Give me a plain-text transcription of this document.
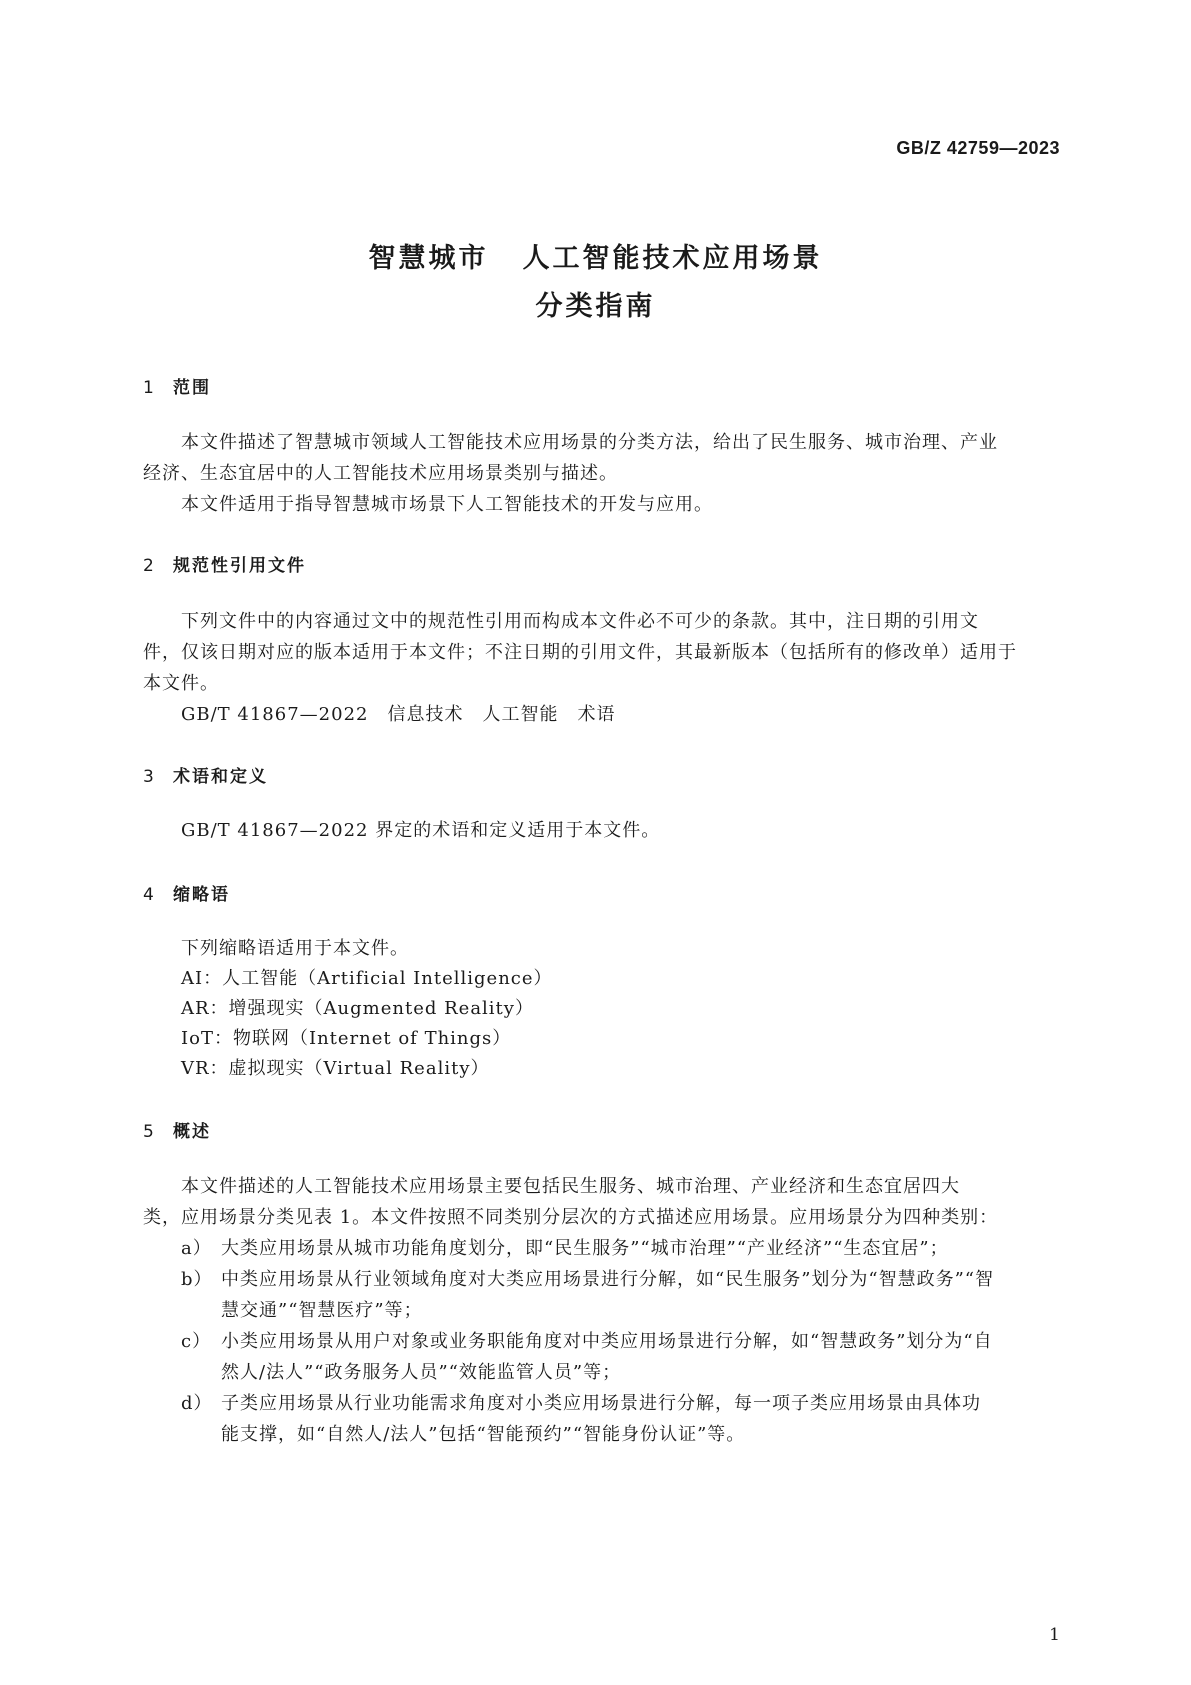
GB/Z 42759—2023
智慧城市 人工智能技术应用场景
分类指南
1 范围
本文件描述了智慧城市领域人工智能技术应用场景的分类方法，给出了民生服务、城市治理、产业
经济、生态宜居中的人工智能技术应用场景类别与描述。
本文件适用于指导智慧城市场景下人工智能技术的开发与应用。
2 规范性引用文件
下列文件中的内容通过文中的规范性引用而构成本文件必不可少的条款。其中，注日期的引用文
件，仅该日期对应的版本适用于本文件；不注日期的引用文件，其最新版本（包括所有的修改单）适用于
本文件。
GB/T 41867—2022　信息技术　人工智能　术语
3 术语和定义
GB/T 41867—2022 界定的术语和定义适用于本文件。
4 缩略语
下列缩略语适用于本文件。
AI：人工智能（Artificial Intelligence）
AR：增强现实（Augmented Reality）
IoT：物联网（Internet of Things）
VR：虚拟现实（Virtual Reality）
5 概述
本文件描述的人工智能技术应用场景主要包括民生服务、城市治理、产业经济和生态宜居四大
类，应用场景分类见表 1。本文件按照不同类别分层次的方式描述应用场景。应用场景分为四种类别：
a） 大类应用场景从城市功能角度划分，即“民生服务”“城市治理”“产业经济”“生态宜居”；
b） 中类应用场景从行业领域角度对大类应用场景进行分解，如“民生服务”划分为“智慧政务”“智
慧交通”“智慧医疗”等；
c） 小类应用场景从用户对象或业务职能角度对中类应用场景进行分解，如“智慧政务”划分为“自
然人/法人”“政务服务人员”“效能监管人员”等；
d） 子类应用场景从行业功能需求角度对小类应用场景进行分解，每一项子类应用场景由具体功
能支撑，如“自然人/法人”包括“智能预约”“智能身份认证”等。
1
